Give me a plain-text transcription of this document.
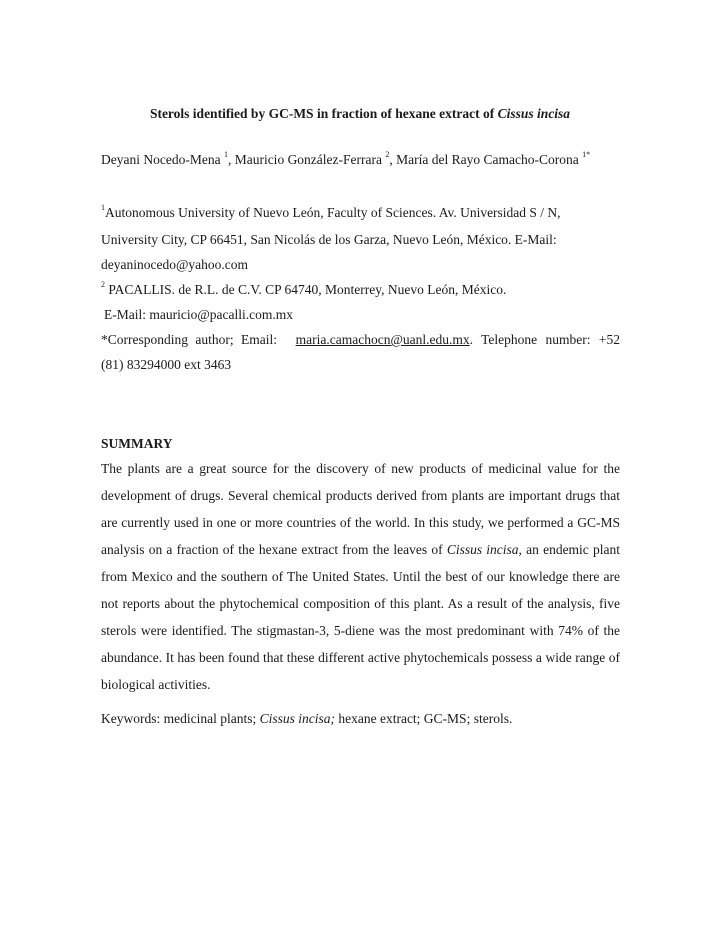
Sterols identified by GC-MS in fraction of hexane extract of Cissus incisa
Deyani Nocedo-Mena $^1$, Mauricio González-Ferrara $^2$, María del Rayo Camacho-Corona $^{1*}$
$^1$Autonomous University of Nuevo León, Faculty of Sciences. Av. Universidad S / N,
University City, CP 66451, San Nicolás de los Garza, Nuevo León, México. E-Mail:
deyaninocedo@yahoo.com
$^2$ PACALLIS. de R.L. de C.V. CP 64740, Monterrey, Nuevo León, México.
E-Mail: mauricio@pacalli.com.mx
*Corresponding author; Email: maria.camachocn@uanl.edu.mx. Telephone number: +52
(81) 83294000 ext 3463
SUMMARY
The plants are a great source for the discovery of new products of medicinal value for the development of drugs. Several chemical products derived from plants are important drugs that are currently used in one or more countries of the world. In this study, we performed a GC-MS analysis on a fraction of the hexane extract from the leaves of Cissus incisa, an endemic plant from Mexico and the southern of The United States. Until the best of our knowledge there are not reports about the phytochemical composition of this plant. As a result of the analysis, five sterols were identified. The stigmastan-3, 5-diene was the most predominant with 74% of the abundance. It has been found that these different active phytochemicals possess a wide range of biological activities.
Keywords: medicinal plants; Cissus incisa; hexane extract; GC-MS; sterols.
